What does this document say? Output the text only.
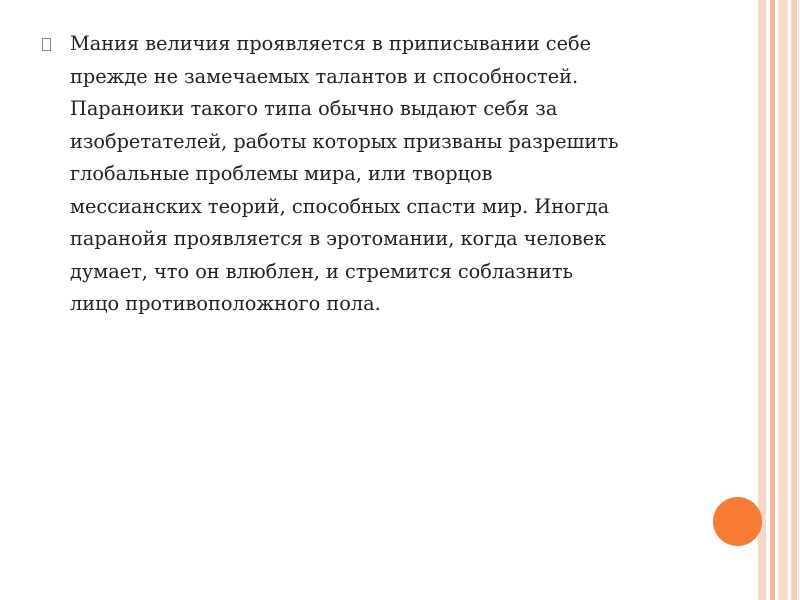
Мания величия проявляется в приписывании себе
прежде не замечаемых талантов и способностей.
Параноики такого типа обычно выдают себя за
изобретателей, работы которых призваны разрешить
глобальные проблемы мира, или творцов
мессианских теорий, способных спасти мир. Иногда
паранойя проявляется в эротомании, когда человек
думает, что он влюблен, и стремится соблазнить
лицо противоположного пола.
